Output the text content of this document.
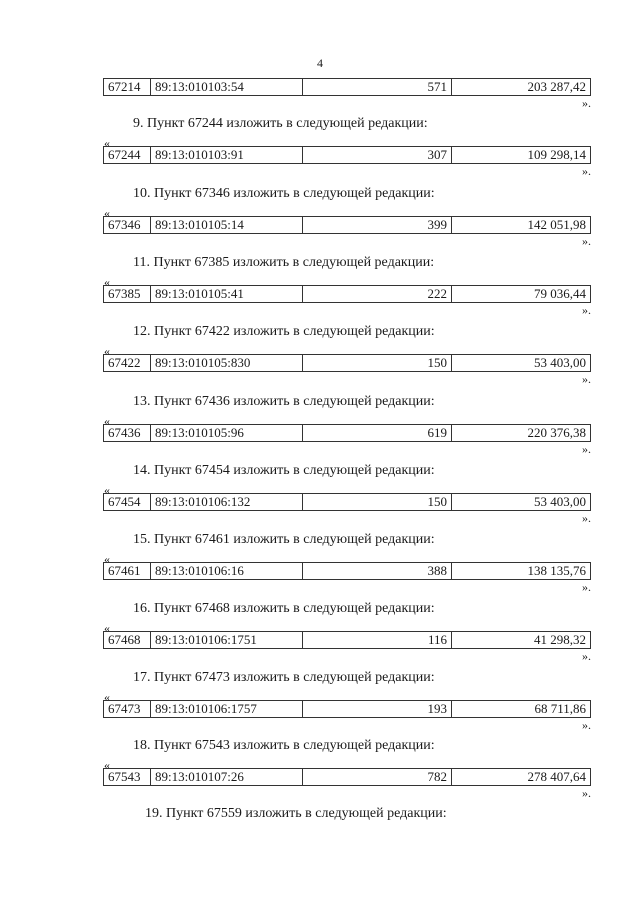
4
67214	89:13:010103:54	571	203 287,42
».
9. Пункт 67244 изложить в следующей редакции:
«
67244	89:13:010103:91	307	109 298,14
».
10. Пункт 67346 изложить в следующей редакции:
«
67346	89:13:010105:14	399	142 051,98
».
11. Пункт 67385 изложить в следующей редакции:
«
67385	89:13:010105:41	222	79 036,44
».
12. Пункт 67422 изложить в следующей редакции:
«
67422	89:13:010105:830	150	53 403,00
».
13. Пункт 67436 изложить в следующей редакции:
«
67436	89:13:010105:96	619	220 376,38
».
14. Пункт 67454 изложить в следующей редакции:
«
67454	89:13:010106:132	150	53 403,00
».
15. Пункт 67461 изложить в следующей редакции:
«
67461	89:13:010106:16	388	138 135,76
».
16. Пункт 67468 изложить в следующей редакции:
«
67468	89:13:010106:1751	116	41 298,32
».
17. Пункт 67473 изложить в следующей редакции:
«
67473	89:13:010106:1757	193	68 711,86
».
18. Пункт 67543 изложить в следующей редакции:
«
67543	89:13:010107:26	782	278 407,64
».
19. Пункт 67559 изложить в следующей редакции:
